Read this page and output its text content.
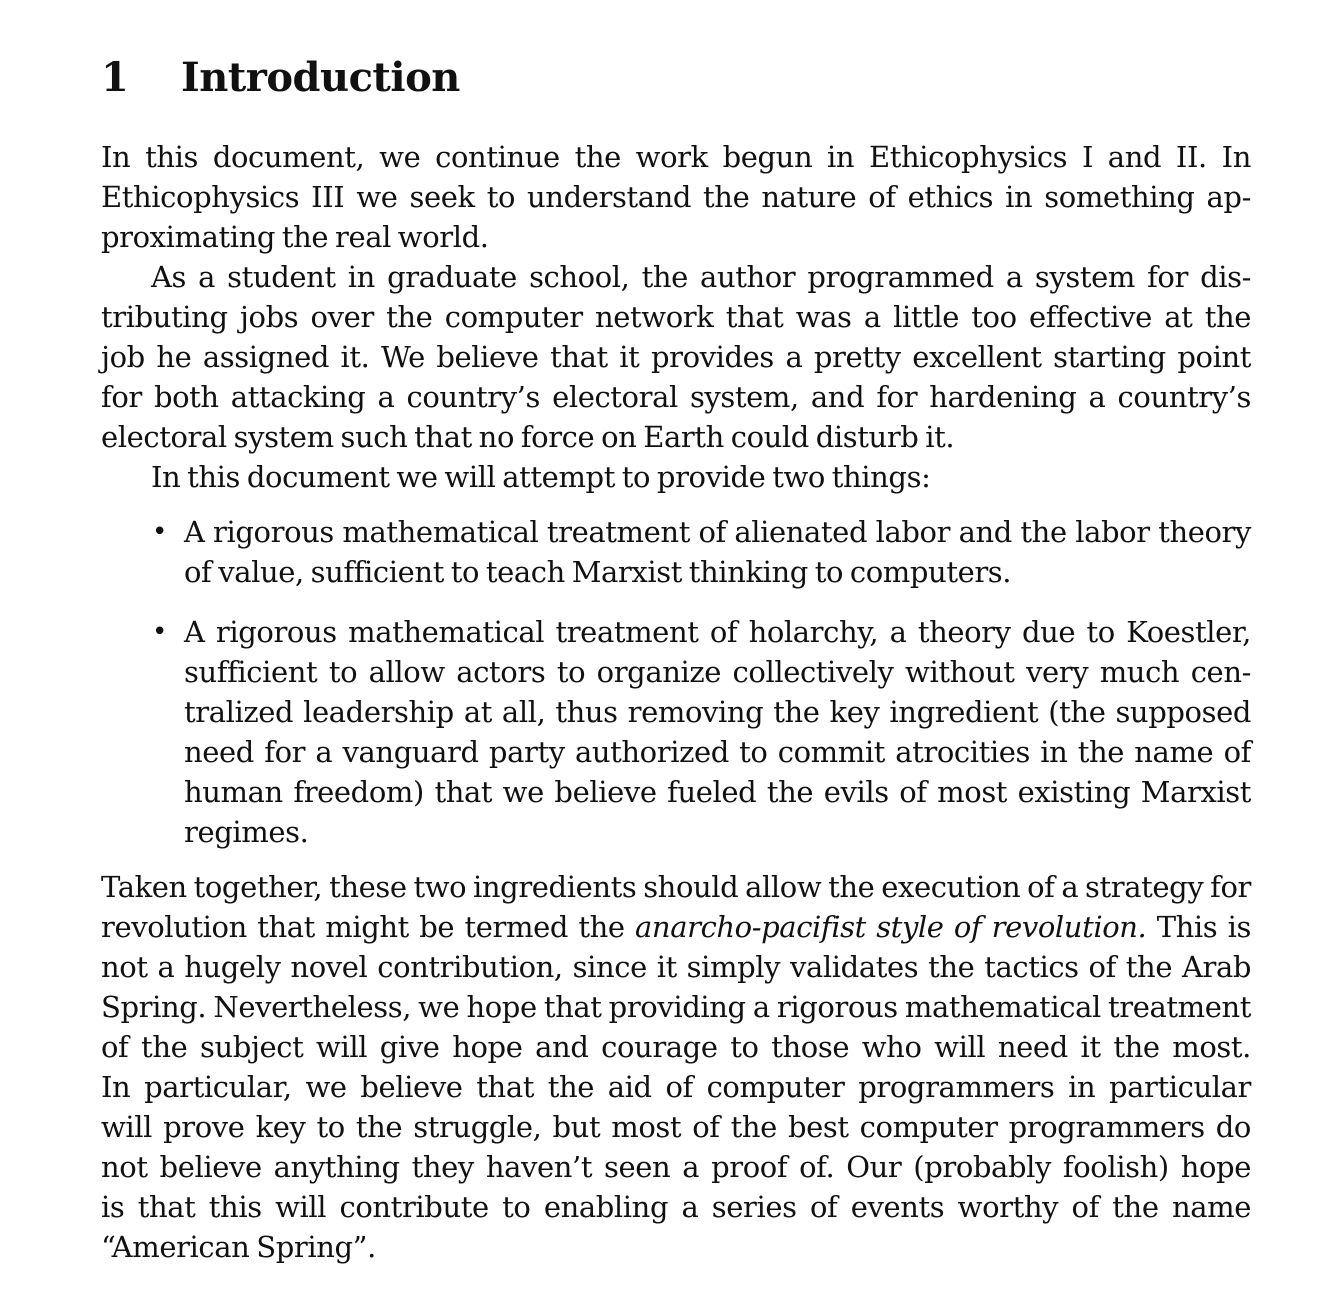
1 Introduction
In this document, we continue the work begun in Ethicophysics I and II. In
Ethicophysics III we seek to understand the nature of ethics in something ap-
proximating the real world.
As a student in graduate school, the author programmed a system for dis-
tributing jobs over the computer network that was a little too effective at the
job he assigned it. We believe that it provides a pretty excellent starting point
for both attacking a country’s electoral system, and for hardening a country’s
electoral system such that no force on Earth could disturb it.
In this document we will attempt to provide two things:
• A rigorous mathematical treatment of alienated labor and the labor theory
of value, sufficient to teach Marxist thinking to computers.
• A rigorous mathematical treatment of holarchy, a theory due to Koestler,
sufficient to allow actors to organize collectively without very much cen-
tralized leadership at all, thus removing the key ingredient (the supposed
need for a vanguard party authorized to commit atrocities in the name of
human freedom) that we believe fueled the evils of most existing Marxist
regimes.
Taken together, these two ingredients should allow the execution of a strategy for
revolution that might be termed the anarcho-pacifist style of revolution. This is
not a hugely novel contribution, since it simply validates the tactics of the Arab
Spring. Nevertheless, we hope that providing a rigorous mathematical treatment
of the subject will give hope and courage to those who will need it the most.
In particular, we believe that the aid of computer programmers in particular
will prove key to the struggle, but most of the best computer programmers do
not believe anything they haven’t seen a proof of. Our (probably foolish) hope
is that this will contribute to enabling a series of events worthy of the name
“American Spring”.
